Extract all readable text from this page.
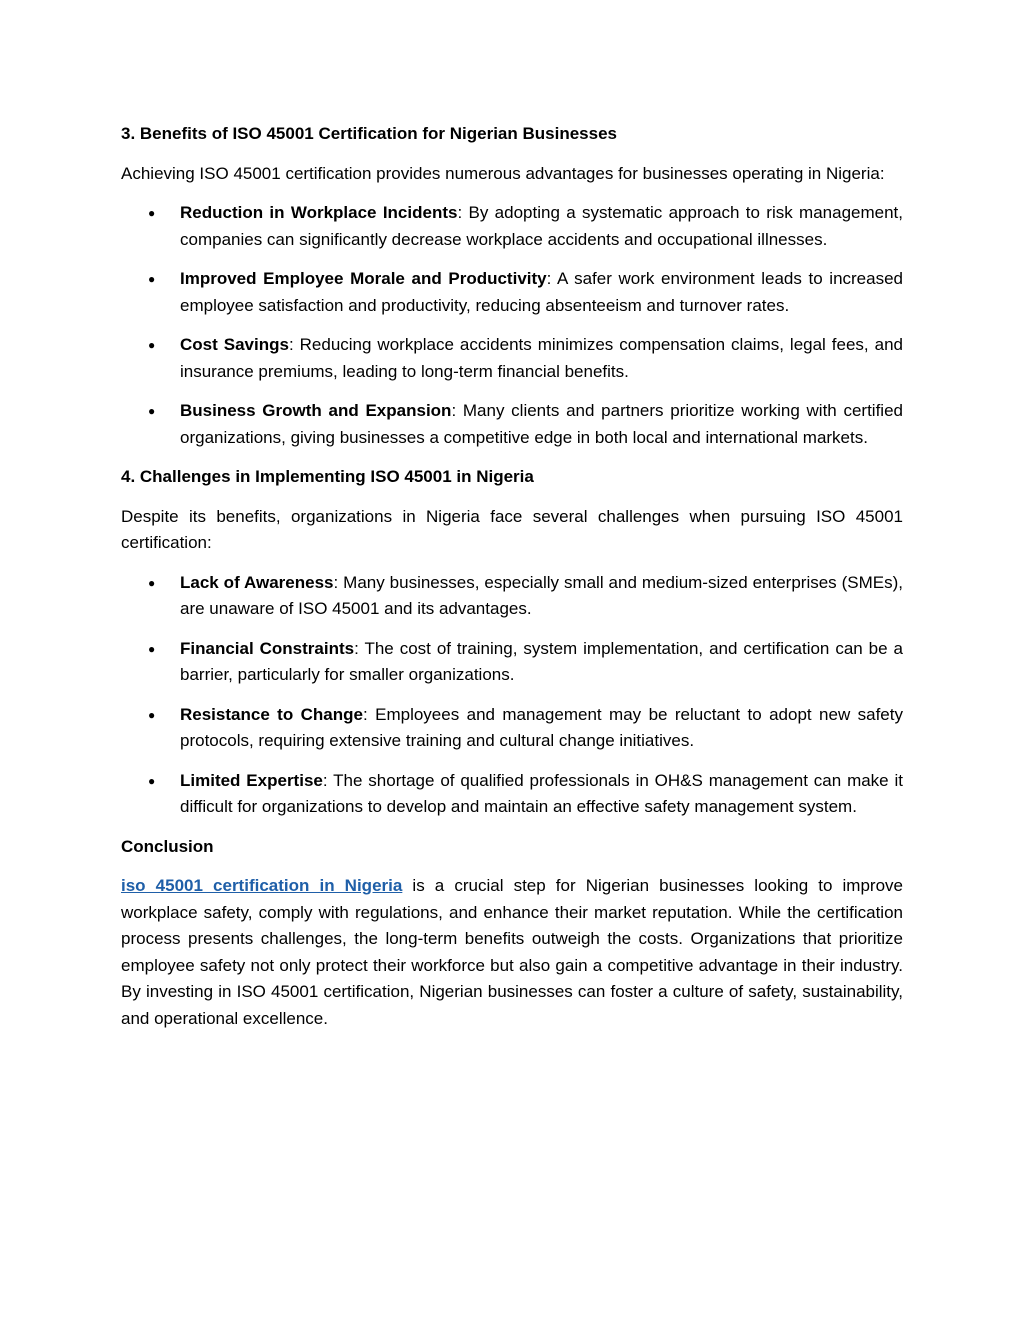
3. Benefits of ISO 45001 Certification for Nigerian Businesses

Achieving ISO 45001 certification provides numerous advantages for businesses operating in Nigeria:

● Reduction in Workplace Incidents: By adopting a systematic approach to risk management, companies can significantly decrease workplace accidents and occupational illnesses.
● Improved Employee Morale and Productivity: A safer work environment leads to increased employee satisfaction and productivity, reducing absenteeism and turnover rates.
● Cost Savings: Reducing workplace accidents minimizes compensation claims, legal fees, and insurance premiums, leading to long-term financial benefits.
● Business Growth and Expansion: Many clients and partners prioritize working with certified organizations, giving businesses a competitive edge in both local and international markets.
4. Challenges in Implementing ISO 45001 in Nigeria

Despite its benefits, organizations in Nigeria face several challenges when pursuing ISO 45001 certification:

● Lack of Awareness: Many businesses, especially small and medium-sized enterprises (SMEs), are unaware of ISO 45001 and its advantages.
● Financial Constraints: The cost of training, system implementation, and certification can be a barrier, particularly for smaller organizations.
● Resistance to Change: Employees and management may be reluctant to adopt new safety protocols, requiring extensive training and cultural change initiatives.
● Limited Expertise: The shortage of qualified professionals in OH&S management can make it difficult for organizations to develop and maintain an effective safety management system.
Conclusion

iso 45001 certification in Nigeria is a crucial step for Nigerian businesses looking to improve workplace safety, comply with regulations, and enhance their market reputation. While the certification process presents challenges, the long-term benefits outweigh the costs. Organizations that prioritize employee safety not only protect their workforce but also gain a competitive advantage in their industry. By investing in ISO 45001 certification, Nigerian businesses can foster a culture of safety, sustainability, and operational excellence.
